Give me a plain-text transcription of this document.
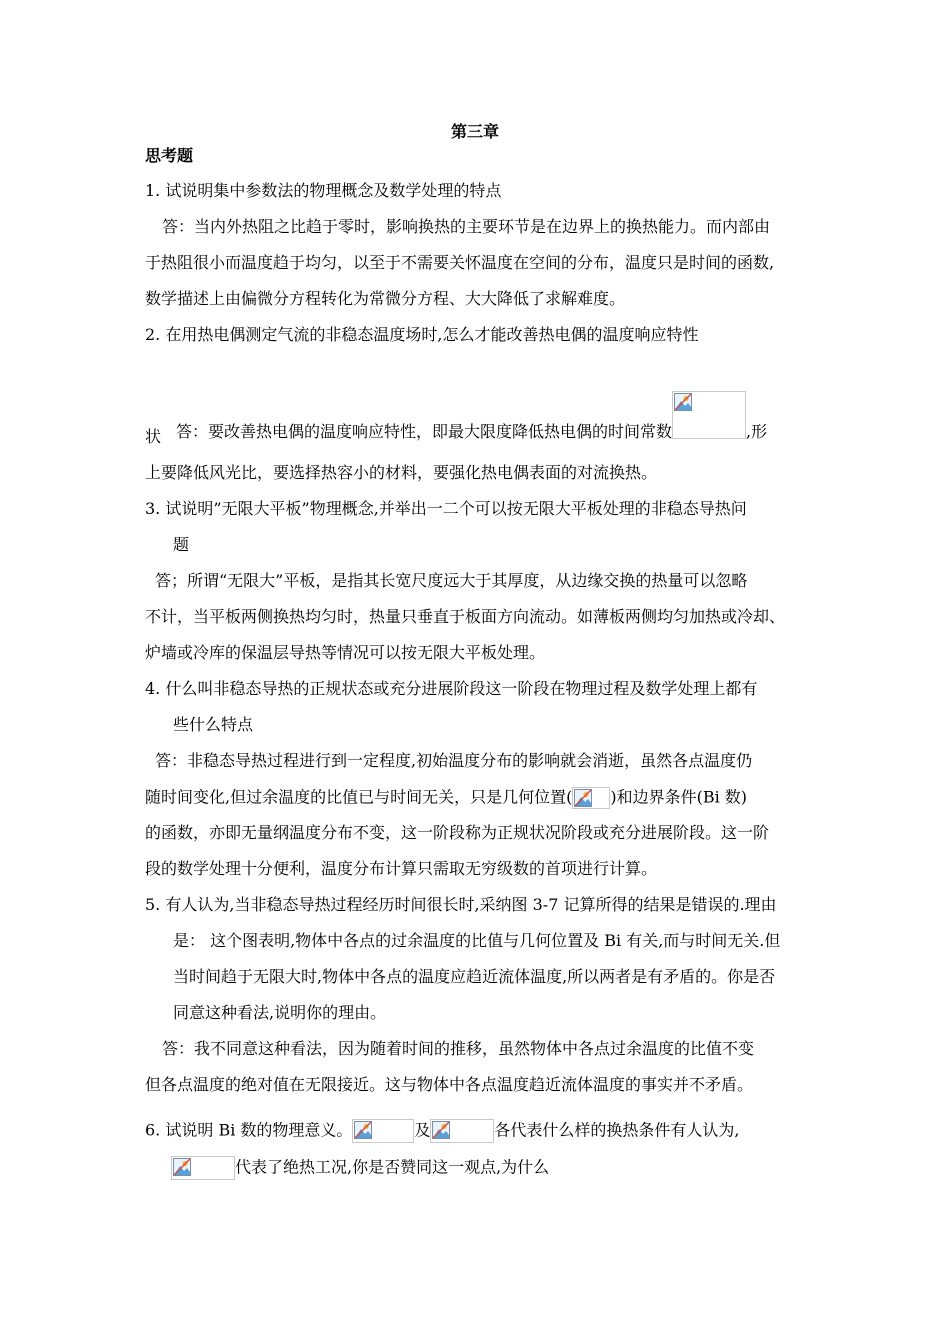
第三章
思考题
1. 试说明集中参数法的物理概念及数学处理的特点
答：当内外热阻之比趋于零时，影响换热的主要环节是在边界上的换热能力。而内部由
于热阻很小而温度趋于均匀，以至于不需要关怀温度在空间的分布，温度只是时间的函数,
数学描述上由偏微分方程转化为常微分方程、大大降低了求解难度。
2. 在用热电偶测定气流的非稳态温度场时,怎么才能改善热电偶的温度响应特性
答：要改善热电偶的温度响应特性，即最大限度降低热电偶的时间常数	,形
状
上要降低风光比，要选择热容小的材料，要强化热电偶表面的对流换热。
3. 试说明”无限大平板”物理概念,并举出一二个可以按无限大平板处理的非稳态导热问
题
答；所谓“无限大”平板，是指其长宽尺度远大于其厚度，从边缘交换的热量可以忽略
不计，当平板两侧换热均匀时，热量只垂直于板面方向流动。如薄板两侧均匀加热或冷却、
炉墙或冷库的保温层导热等情况可以按无限大平板处理。
4. 什么叫非稳态导热的正规状态或充分进展阶段这一阶段在物理过程及数学处理上都有
些什么特点
答：非稳态导热过程进行到一定程度,初始温度分布的影响就会消逝，虽然各点温度仍
随时间变化,但过余温度的比值已与时间无关，只是几何位置( )和边界条件(Bi 数)
的函数，亦即无量纲温度分布不变，这一阶段称为正规状况阶段或充分进展阶段。这一阶
段的数学处理十分便利，温度分布计算只需取无穷级数的首项进行计算。
5. 有人认为,当非稳态导热过程经历时间很长时,采纳图 3-7 记算所得的结果是错误的.理由
是： 这个图表明,物体中各点的过余温度的比值与几何位置及 Bi 有关,而与时间无关.但
当时间趋于无限大时,物体中各点的温度应趋近流体温度,所以两者是有矛盾的。你是否
同意这种看法,说明你的理由。
答：我不同意这种看法，因为随着时间的推移，虽然物体中各点过余温度的比值不变
但各点温度的绝对值在无限接近。这与物体中各点温度趋近流体温度的事实并不矛盾。
6. 试说明 Bi 数的物理意义。	及	各代表什么样的换热条件有人认为,
代表了绝热工况,你是否赞同这一观点,为什么
